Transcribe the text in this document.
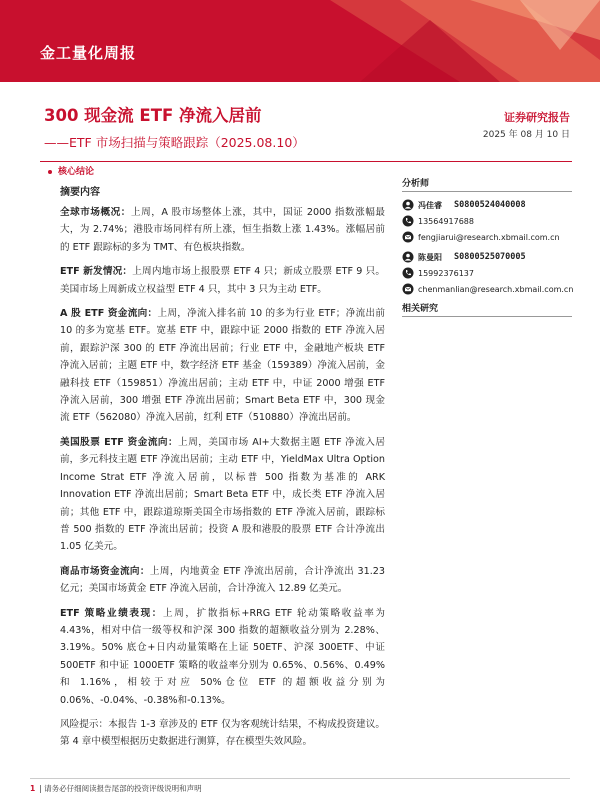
金工量化周报
300 现金流 ETF 净流入居前
——ETF 市场扫描与策略跟踪（2025.08.10）
证券研究报告
2025 年 08 月 10 日
核心结论
摘要内容

全球市场概况：上周，A 股市场整体上涨，其中，国证 2000 指数涨幅最大，为 2.74%；港股市场同样有所上涨，恒生指数上涨 1.43%。涨幅居前的 ETF 跟踪标的多为 TMT、有色板块指数。

ETF 新发情况：上周内地市场上报股票 ETF 4 只；新成立股票 ETF 9 只。美国市场上周新成立权益型 ETF 4 只，其中 3 只为主动 ETF。

A 股 ETF 资金流向：上周，净流入排名前 10 的多为行业 ETF；净流出前 10 的多为宽基 ETF。宽基 ETF 中，跟踪中证 2000 指数的 ETF 净流入居前，跟踪沪深 300 的 ETF 净流出居前；行业 ETF 中，金融地产板块 ETF 净流入居前；主题 ETF 中，数字经济 ETF 基金（159389）净流入居前，金融科技 ETF（159851）净流出居前；主动 ETF 中，中证 2000 增强 ETF 净流入居前，300 增强 ETF 净流出居前；Smart Beta ETF 中，300 现金流 ETF（562080）净流入居前，红利 ETF（510880）净流出居前。

美国股票 ETF 资金流向：上周，美国市场 AI+大数据主题 ETF 净流入居前，多元科技主题 ETF 净流出居前；主动 ETF 中，YieldMax Ultra Option Income Strat ETF 净流入居前，以标普 500 指数为基准的 ARK Innovation ETF 净流出居前；Smart Beta ETF 中，成长类 ETF 净流入居前；其他 ETF 中，跟踪道琼斯美国全市场指数的 ETF 净流入居前，跟踪标普 500 指数的 ETF 净流出居前；投资 A 股和港股的股票 ETF 合计净流出 1.05 亿美元。

商品市场资金流向：上周，内地黄金 ETF 净流出居前，合计净流出 31.23 亿元；美国市场黄金 ETF 净流入居前，合计净流入 12.89 亿美元。

ETF 策略业绩表现：上周，扩散指标+RRG ETF 轮动策略收益率为 4.43%，相对中信一级等权和沪深 300 指数的超额收益分别为 2.28%、3.19%。50% 底仓+日内动量策略在上证 50ETF、沪深 300ETF、中证 500ETF 和中证 1000ETF 策略的收益率分别为 0.65%、0.56%、0.49%和 1.16%，相较于对应 50%仓位 ETF 的超额收益分别为 0.06%、-0.04%、-0.38%和-0.13%。

风险提示：本报告 1-3 章涉及的 ETF 仅为客观统计结果，不构成投资建议。第 4 章中模型根据历史数据进行测算，存在模型失效风险。

分析师
冯佳睿	S0800524040008
13564917688
fengjiarui@research.xbmail.com.cn
陈曼阳	S0800525070005
15992376137
chenmanlian@research.xbmail.com.cn
相关研究
1 | 请务必仔细阅读报告尾部的投资评级说明和声明
